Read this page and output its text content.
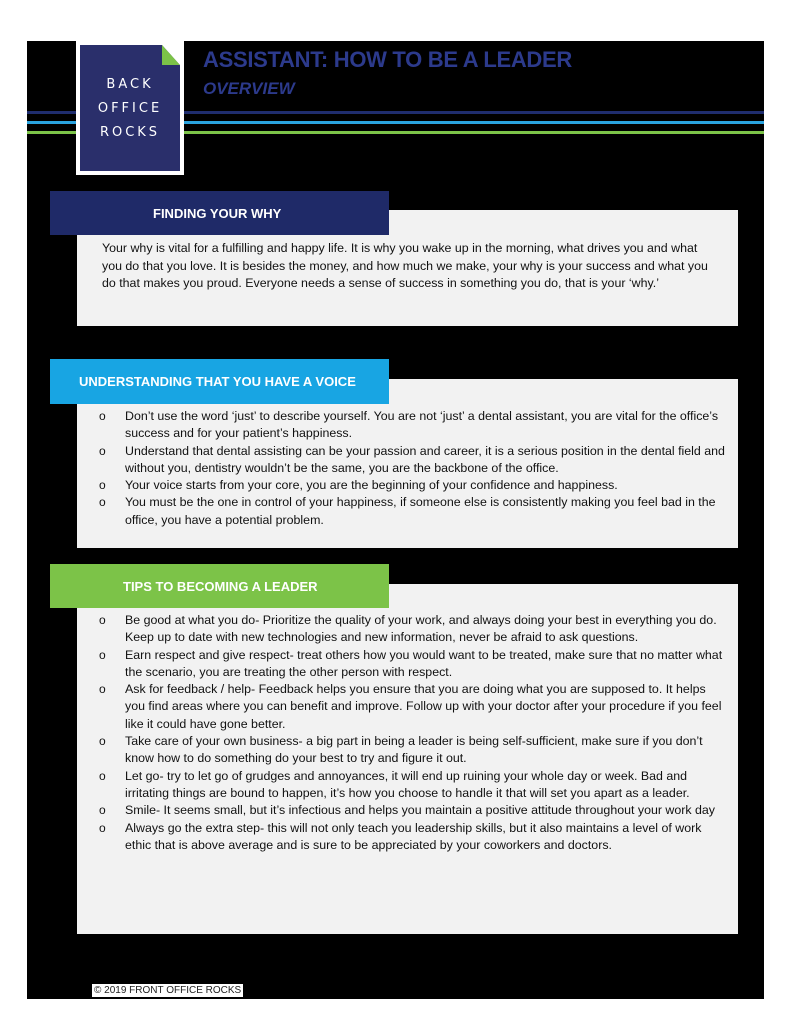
BACK
OFFICE
ROCKS
ASSISTANT: HOW TO BE A LEADER
OVERVIEW
FINDING YOUR WHY
Your why is vital for a fulfilling and happy life. It is why you wake up in the morning, what drives you and what you do that you love. It is besides the money, and how much we make, your why is your success and what you do that makes you proud. Everyone needs a sense of success in something you do, that is your ‘why.’
UNDERSTANDING THAT YOU HAVE A VOICE
o Don’t use the word ‘just’ to describe yourself. You are not ‘just’ a dental assistant, you are vital for the office’s success and for your patient’s happiness.
o Understand that dental assisting can be your passion and career, it is a serious position in the dental field and without you, dentistry wouldn’t be the same, you are the backbone of the office.
o Your voice starts from your core, you are the beginning of your confidence and happiness.
o You must be the one in control of your happiness, if someone else is consistently making you feel bad in the office, you have a potential problem.
TIPS TO BECOMING A LEADER
o Be good at what you do- Prioritize the quality of your work, and always doing your best in everything you do. Keep up to date with new technologies and new information, never be afraid to ask questions.
o Earn respect and give respect- treat others how you would want to be treated, make sure that no matter what the scenario, you are treating the other person with respect.
o Ask for feedback / help- Feedback helps you ensure that you are doing what you are supposed to. It helps you find areas where you can benefit and improve. Follow up with your doctor after your procedure if you feel like it could have gone better.
o Take care of your own business- a big part in being a leader is being self-sufficient, make sure if you don’t know how to do something do your best to try and figure it out.
o Let go- try to let go of grudges and annoyances, it will end up ruining your whole day or week. Bad and irritating things are bound to happen, it’s how you choose to handle it that will set you apart as a leader.
o Smile- It seems small, but it’s infectious and helps you maintain a positive attitude throughout your work day
o Always go the extra step- this will not only teach you leadership skills, but it also maintains a level of work ethic that is above average and is sure to be appreciated by your coworkers and doctors.
© 2019 FRONT OFFICE ROCKS
